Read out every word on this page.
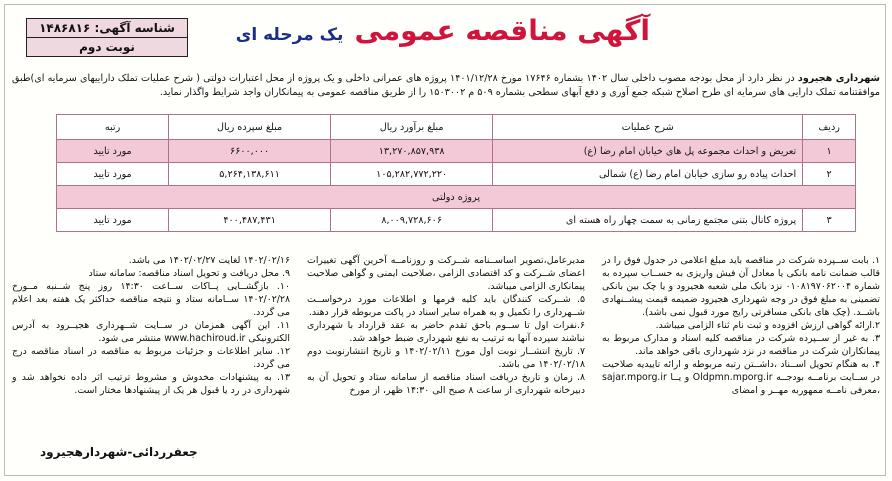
شناسه آگهی: ۱۴۸۶۸۱۶
نوبت دوم	آگهی مناقصه عمومی یک مرحله ای
شهرداری هجیرود در نظر دارد از محل بودجه مصوب داخلی سال ۱۴۰۲ بشماره ۱۷۶۴۶ مورخ ۱۴۰۱/۱۲/۲۸ پروژه های عمرانی داخلی و یک پروژه از محل اعتبارات دولتی ( شرح عملیات تملک داراییهای سرمایه ای)طبق موافقتنامه تملک دارایی های سرمایه ای طرح اصلاح شبکه جمع آوری و دفع آبهای سطحی بشماره ۵۰۹ م ۱۵۰۳۰۰۲ را از طریق مناقصه عمومی به پیمانکاران واجد شرایط واگذار نماید.
ردیف	شرح عملیات	مبلغ برآورد ریال	مبلغ سپرده ریال	رتبه
۱	تعریض و احداث مجموعه پل های خیابان امام رضا (ع)	۱۳,۲۷۰,۸۵۷,۹۳۸	۶۶۰۰,۰۰۰	مورد تایید
۲	احداث پیاده رو سازی خیابان امام رضا (ع) شمالی	۱۰۵,۲۸۲,۷۷۲,۲۲۰	۵,۲۶۴,۱۳۸,۶۱۱	مورد تایید
پروژه دولتی				
۳	پروژه کانال بتنی مجتمع زمانی به سمت چهار راه هسته ای	۸,۰۰۹,۷۲۸,۶۰۶	۴۰۰,۴۸۷,۴۳۱	مورد تایید

۱. بابت ســپرده شرکت در مناقصه باید مبلغ اعلامی در جدول فوق را در قالب ضمانت نامه بانکی یا معادل آن فیش واریزی به حســاب سپرده به شماره ۰۱۰۸۱۹۷۰۶۲۰۰۴ نزد بانک ملی شعبه هجیرود و یا چک بین بانکی تضمینی به مبلغ فوق در وجه شهرداری هجیرود ضمیمه قیمت پیشــنهادی باشــد. (چک های بانکی مسافرتی رایج مورد قبول نمی باشد).

۲.ارائه گواهی ارزش افزوده و ثبت نام ثناء الزامی میباشد.

۳. به غیر از ســپرده شرکت در مناقصه کلیه اسناد و مدارک مربوط به پیمانکاران شرکت در مناقصه در نزد شهرداری باقی خواهد ماند.

۴. به هنگام تحویل اســناد ،داشــتن رتبه مربوطه و ارائه تاییدیه صلاحیت در ســایت برنامــه بودجــه Oldpmn.mporg.ir و یــا sajar.mporg.ir ،معرفی نامــه ممهوربه مهــر و امضای

مدیرعامل،تصویر اساســنامه شــرکت و روزنامــه آخرین آگهی تغییرات اعضای شــرکت و کد اقتصادی الزامی ،صلاحیت ایمنی و گواهی صلاحیت پیمانکاری الزامی میباشد.

۵. شــرکت کنندگان باید کلیه فرمها و اطلاعات مورد درخواســت شــهرداری را تکمیل و به همراه سایر اسناد در پاکت مربوطه قرار دهند.

۶.نفرات اول تا ســوم باحق تقدم حاضر به عقد قرارداد با شهرداری نباشند سپرده آنها به ترتیب به نفع شهرداری ضبط خواهد شد.

۷. تاریخ انتشــار نوبت اول مورخ ۱۴۰۲/۰۲/۱۱ و تاریخ انتشارنوبت دوم ۱۴۰۲/۰۲/۱۸ می باشد.

۸. زمان و تاریخ دریافت اسناد مناقصه از سامانه ستاد و تحویل آن به دبیرخانه شهرداری از ساعت ۸ صبح الی ۱۴:۳۰ ظهر، از مورخ

۱۴۰۲/۰۲/۱۶ لغایت ۱۴۰۲/۰۲/۲۷ می باشد.

۹. محل دریافت و تحویل اسناد مناقصه: سامانه ستاد

۱۰. بازگشــایی پــاکات ســاعت ۱۴:۳۰ روز پنج شــنبه مــورخ ۱۴۰۲/۰۲/۲۸ ســامانه ستاد و نتیجه مناقصه حداکثر یک هفته بعد اعلام می گردد.

۱۱. این آگهی همزمان در ســایت شــهرداری هجیــرود به آدرس الکترونیکی www.hachiroud.ir منتشر می شود.

۱۲. سایر اطلاعات و جزئیات مربوط به مناقصه در اسناد مناقصه درج می گردد.

۱۳. به پیشنهادات مخدوش و مشروط ترتیب اثر داده نخواهد شد و شهرداری در رد یا قبول هر یک از پیشنهادها مختار است.

جعفرردائی-شهردارهجیرود
